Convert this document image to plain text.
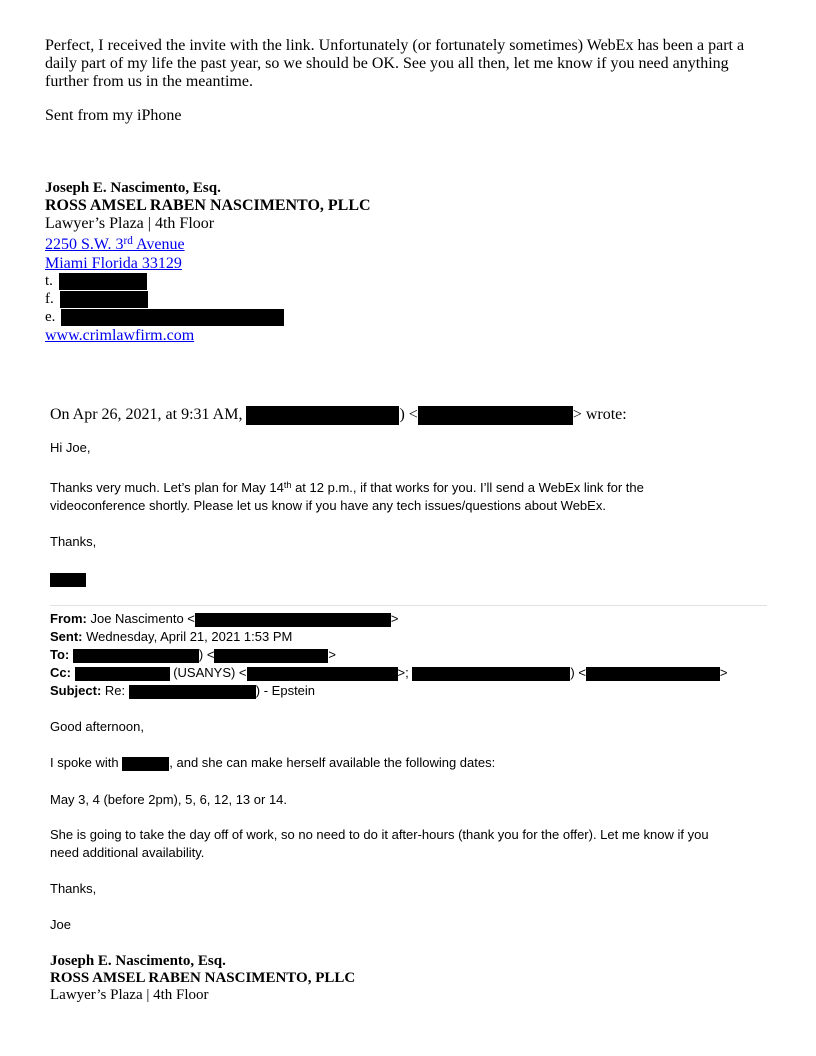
Perfect, I received the invite with the link. Unfortunately (or fortunately sometimes) WebEx has been a part a daily part of my life the past year, so we should be OK. See you all then, let me know if you need anything further from us in the meantime.
Sent from my iPhone
Joseph E. Nascimento, Esq.
ROSS AMSEL RABEN NASCIMENTO, PLLC
Lawyer’s Plaza | 4th Floor
2250 S.W. 3rd Avenue
Miami Florida 33129
t.
f.
e.
www.crimlawfirm.com
On Apr 26, 2021, at 9:31 AM,	) <	> wrote:
Hi Joe,
Thanks very much. Let’s plan for May 14th at 12 p.m., if that works for you. I’ll send a WebEx link for the
videoconference shortly. Please let us know if you have any tech issues/questions about WebEx.
Thanks,
From: Joe Nascimento <	>
Sent: Wednesday, April 21, 2021 1:53 PM
To:	) <	>
Cc:	(USANYS) <	>;	) <	>
Subject: Re:	) - Epstein
Good afternoon,
I spoke with	, and she can make herself available the following dates:
May 3, 4 (before 2pm), 5, 6, 12, 13 or 14.
She is going to take the day off of work, so no need to do it after-hours (thank you for the offer). Let me know if you
need additional availability.
Thanks,
Joe
Joseph E. Nascimento, Esq.
ROSS AMSEL RABEN NASCIMENTO, PLLC
Lawyer’s Plaza | 4th Floor
